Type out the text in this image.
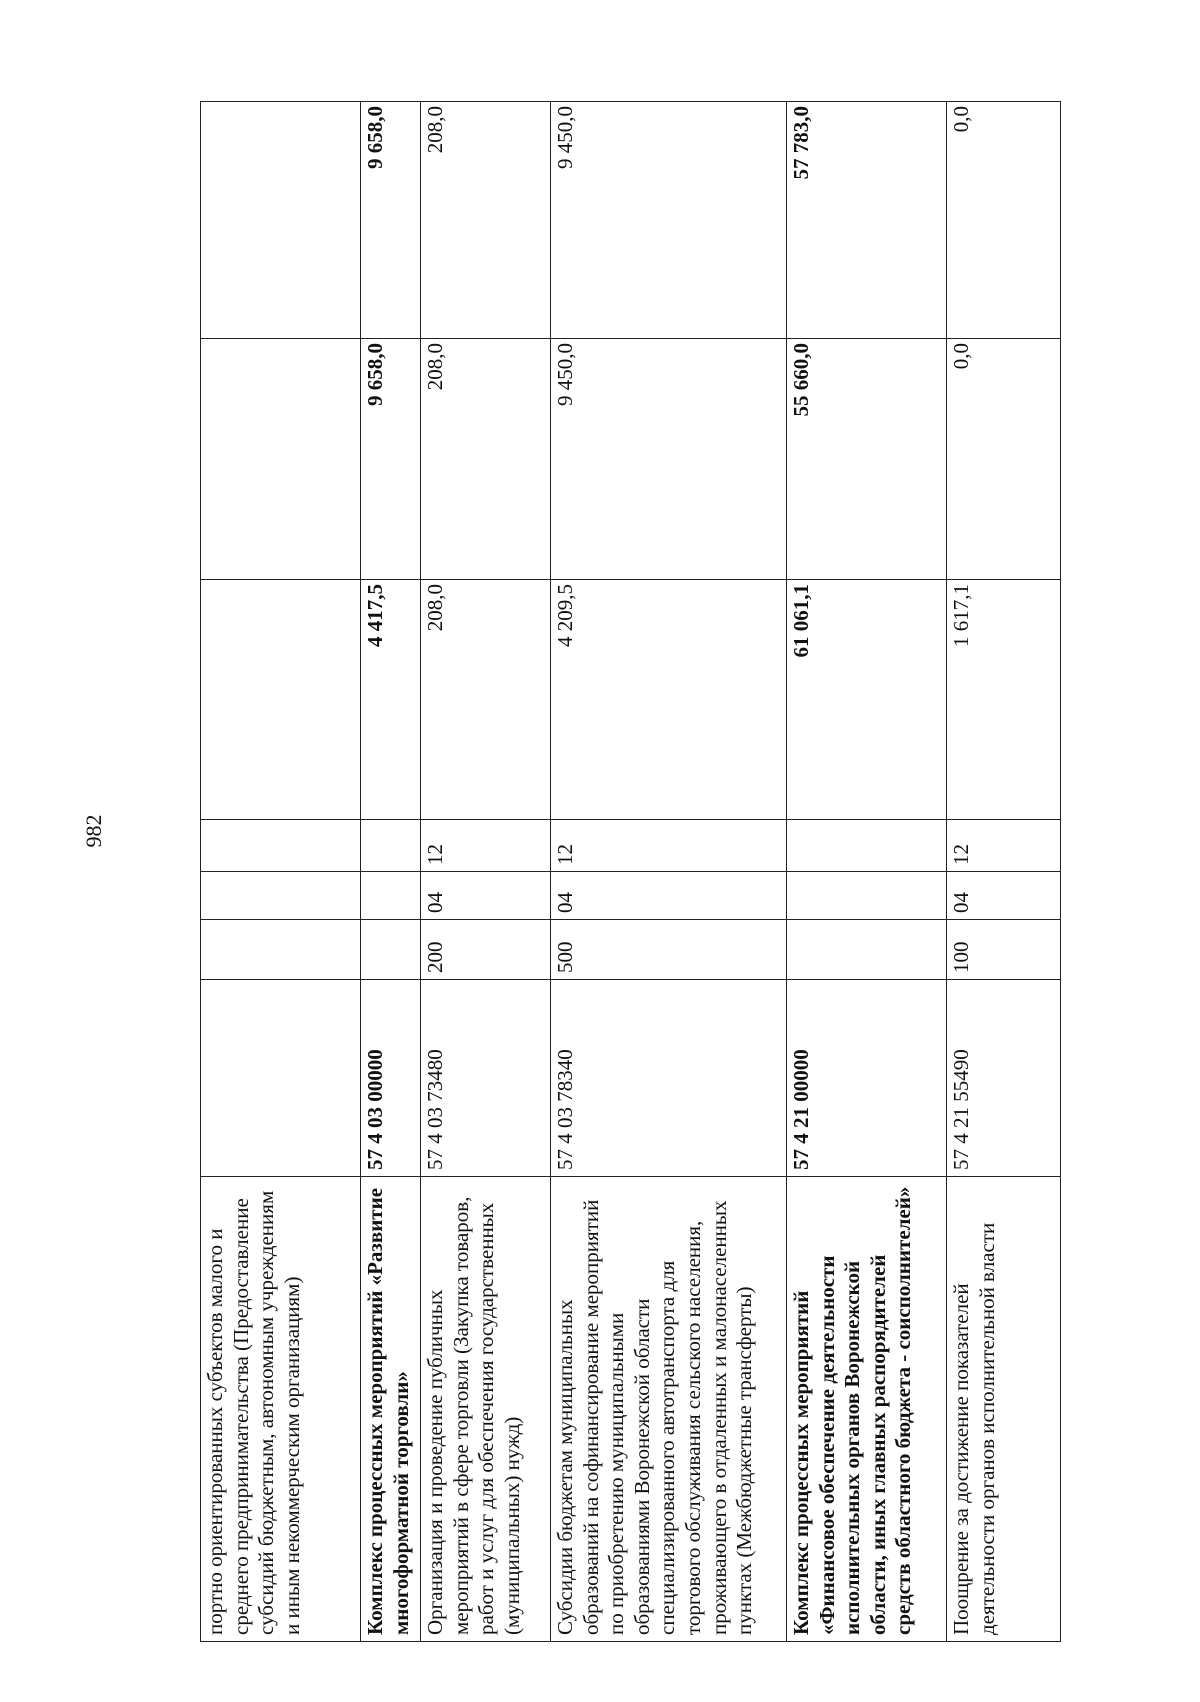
982
портно ориентированных субъектов малого и среднего предпринимательства (Предоставление субсидий бюджетным, автономным учреждениям и иным некоммерческим организациям)							
Комплекс процессных мероприятий «Развитие многоформатной торговли»	57 4 03 00000				4 417,5	9 658,0	9 658,0
Организация и проведение публичных мероприятий в сфере торговли (Закупка товаров, работ и услуг для обеспечения государственных (муниципальных) нужд)	57 4 03 73480	200	04	12	208,0	208,0	208,0
Субсидии бюджетам муниципальных образований на софинансирование мероприятий по приобретению муниципальными образованиями Воронежской области специализированного автотранспорта для торгового обслуживания сельского населения, проживающего в отдаленных и малонаселенных пунктах (Межбюджетные трансферты)	57 4 03 78340	500	04	12	4 209,5	9 450,0	9 450,0
Комплекс процессных мероприятий «Финансовое обеспечение деятельности исполнительных органов Воронежской области, иных главных распорядителей средств областного бюджета - соисполнителей»	57 4 21 00000				61 061,1	55 660,0	57 783,0
Поощрение за достижение показателей деятельности органов исполнительной власти	57 4 21 55490	100	04	12	1 617,1	0,0	0,0
